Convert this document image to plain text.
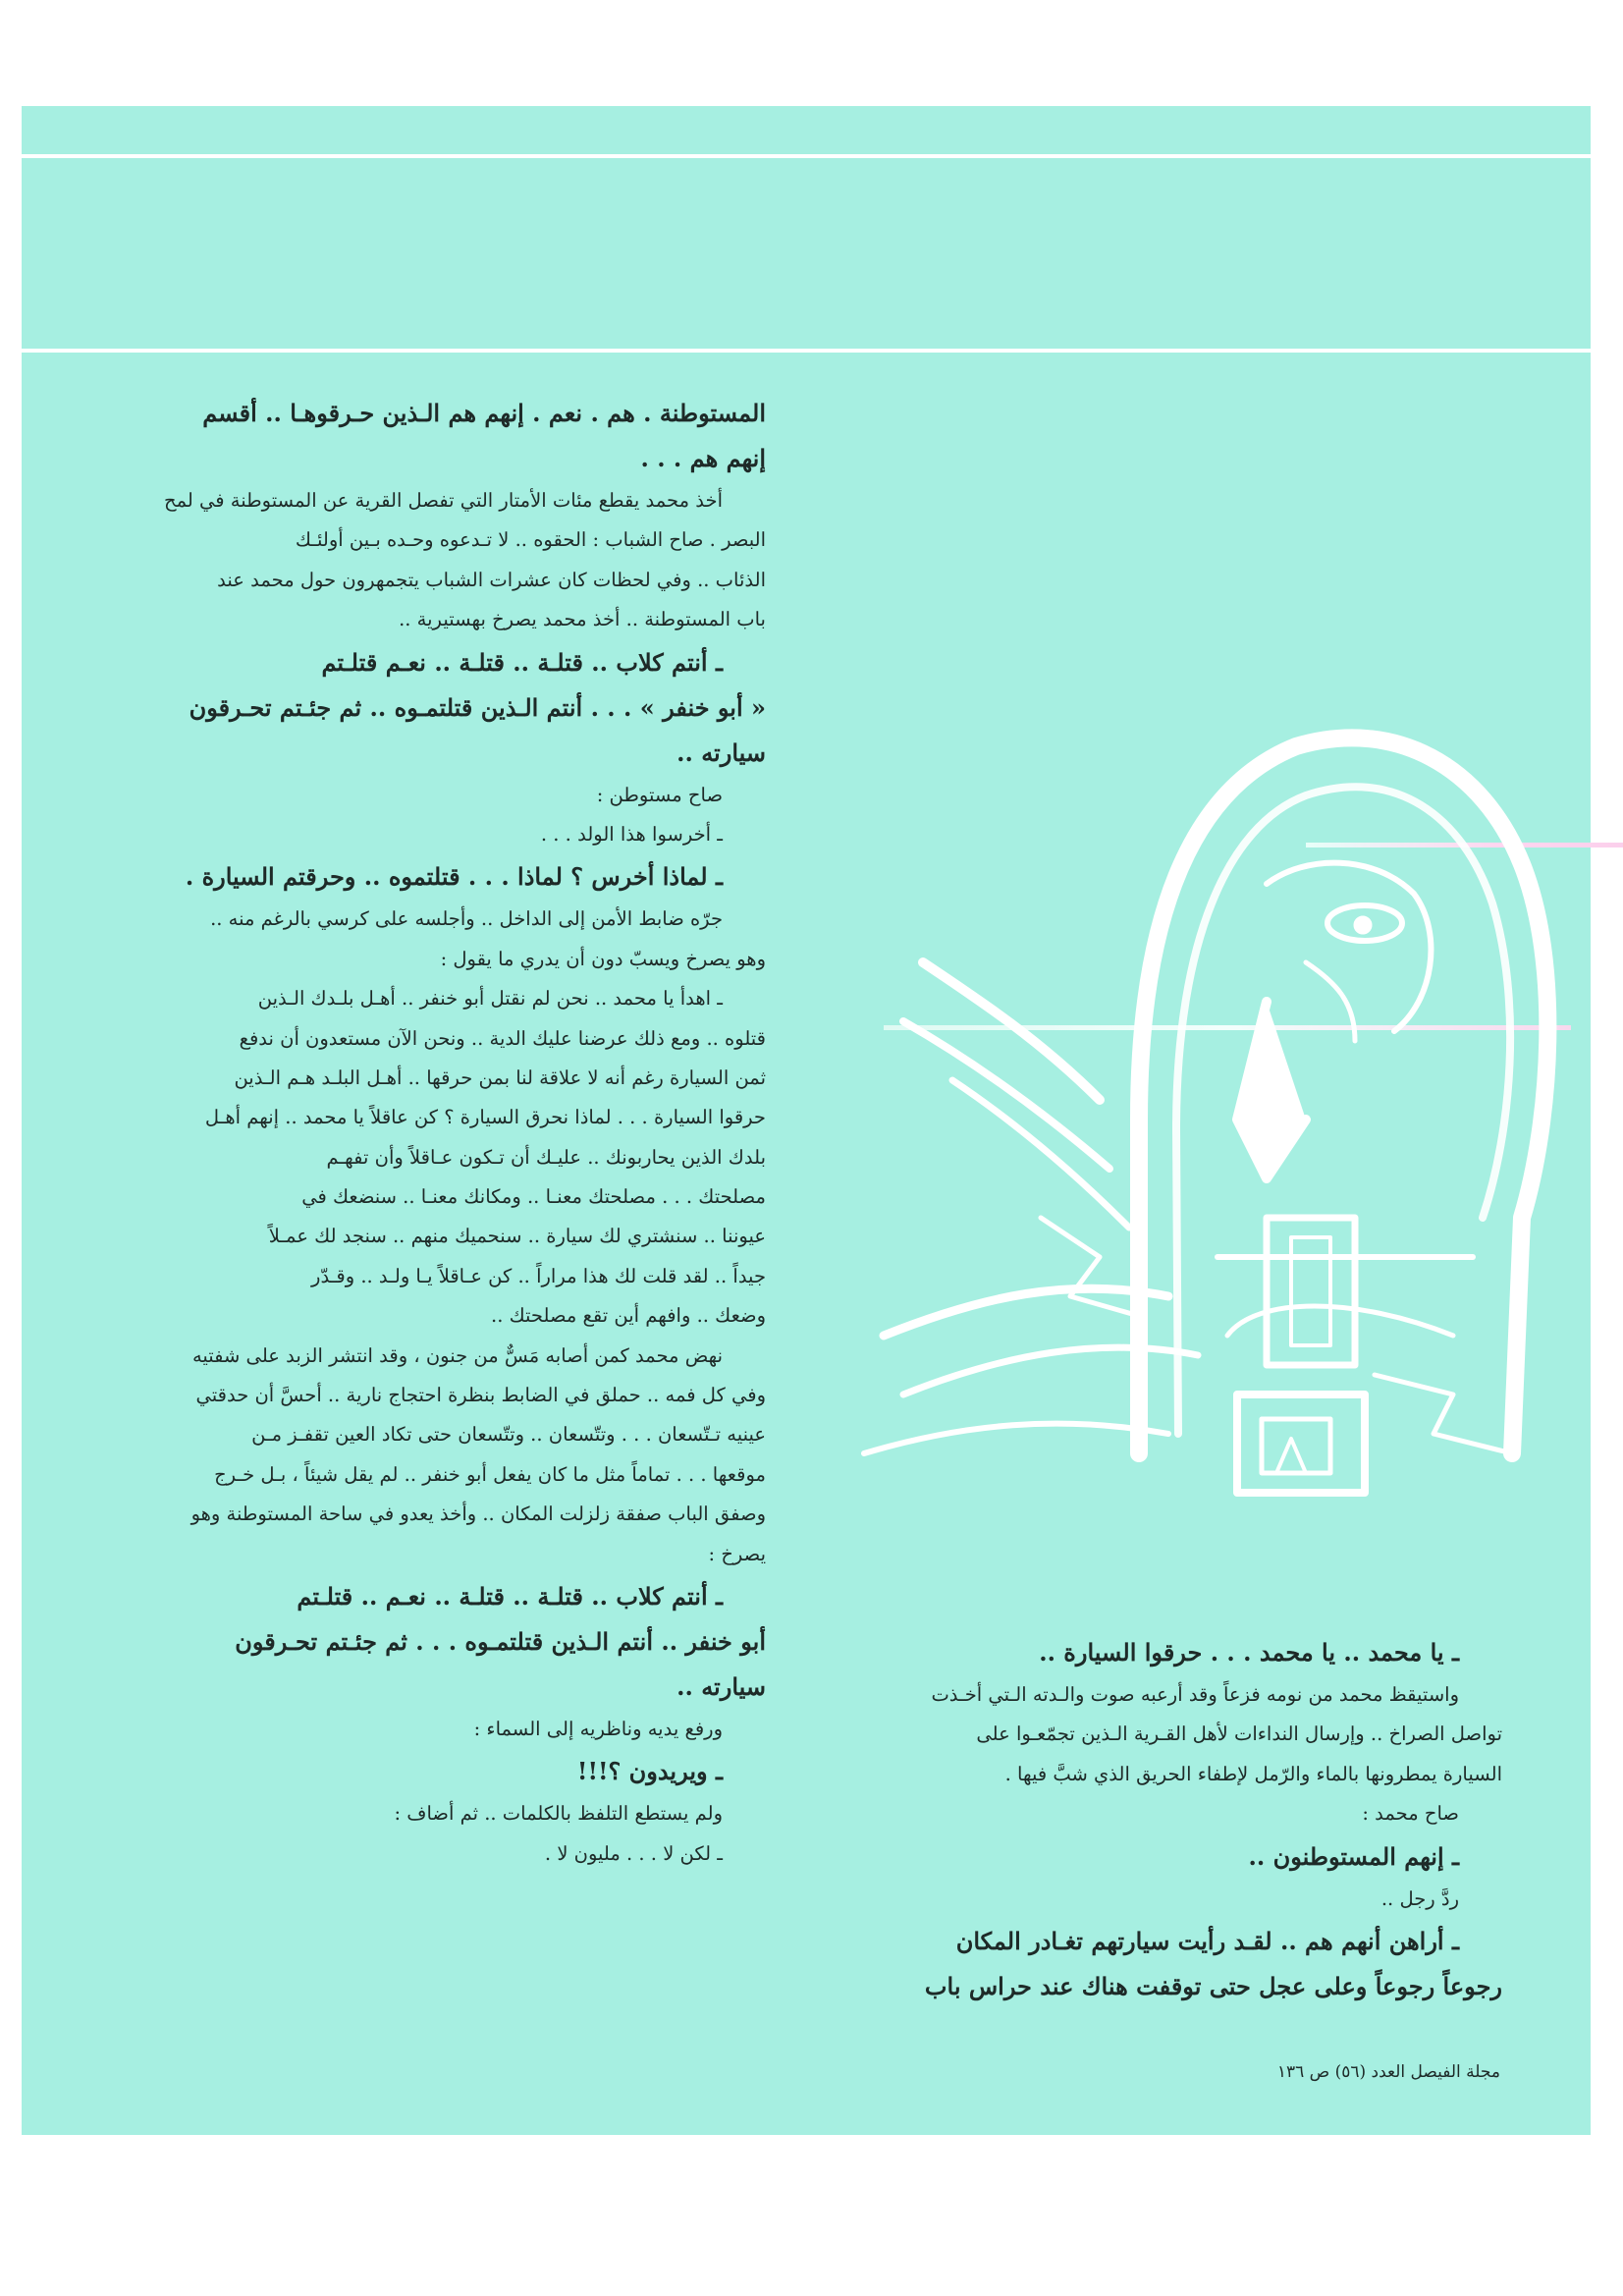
المستوطنة . هم . نعم . إنهم هم الـذين حـرقوهـا .. أقسم
إنهم هم . . .
أخذ محمد يقطع مئات الأمتار التي تفصل القرية عن المستوطنة في لمح
البصر . صاح الشباب : الحقوه .. لا تـدعوه وحـده بـين أولئـك
الذئاب .. وفي لحظات كان عشرات الشباب يتجمهرون حول محمد عند
باب المستوطنة .. أخذ محمد يصرخ بهستيرية ..
ـ أنتم كلاب .. قتلـة .. قتلـة .. نعـم قتلـتم
« أبو خنفر » . . . أنتم الـذين قتلتمـوه .. ثم جئـتم تحـرقون
سيارته ..
صاح مستوطن :
ـ أخرسوا هذا الولد . . .
ـ لماذا أخرس ؟ لماذا . . . قتلتموه .. وحرقتم السيارة .
جرّه ضابط الأمن إلى الداخل .. وأجلسه على كرسي بالرغم منه ..
وهو يصرخ ويسبّ دون أن يدري ما يقول :
ـ اهدأ يا محمد .. نحن لم نقتل أبو خنفر .. أهـل بلـدك الـذين
قتلوه .. ومع ذلك عرضنا عليك الدية .. ونحن الآن مستعدون أن ندفع
ثمن السيارة رغم أنه لا علاقة لنا بمن حرقها .. أهـل البلـد هـم الـذين
حرقوا السيارة . . . لماذا نحرق السيارة ؟ كن عاقلاً يا محمد .. إنهم أهـل
بلدك الذين يحاربونك .. عليـك أن تـكون عـاقلاً وأن تفهـم
مصلحتك . . . مصلحتك معنـا .. ومكانك معنـا .. سنضعك في
عيوننا .. سنشتري لك سيارة .. سنحميك منهم .. سنجد لك عمـلاً
جيداً .. لقد قلت لك هذا مراراً .. كن عـاقلاً يـا ولـد .. وقـدّر
وضعك .. وافهم أين تقع مصلحتك ..
نهض محمد كمن أصابه مَسٌّ من جنون ، وقد انتشر الزبد على شفتيه
وفي كل فمه .. حملق في الضابط بنظرة احتجاج نارية .. أحسَّ أن حدقتي
عينيه تـتّسعان . . . وتتّسعان .. وتتّسعان حتى تكاد العين تقفـز مـن
موقعها . . . تماماً مثل ما كان يفعل أبو خنفر .. لم يقل شيئاً ، بـل خـرج
وصفق الباب صفقة زلزلت المكان .. وأخذ يعدو في ساحة المستوطنة وهو
يصرخ :
ـ أنتم كلاب .. قتلـة .. قتلـة .. نعـم .. قتلـتم
أبو خنفر .. أنتم الـذين قتلتمـوه . . . ثم جئـتم تحـرقون
سيارته ..
ورفع يديه وناظريه إلى السماء :
ـ ويريدون ؟!!!
ولم يستطع التلفظ بالكلمات .. ثم أضاف :
ـ لكن لا . . . مليون لا .
ـ يا محمد .. يا محمد . . . حرقوا السيارة ..
واستيقظ محمد من نومه فزعاً وقد أرعبه صوت والـدته الـتي أخـذت
تواصل الصراخ .. وإرسال النداءات لأهل القـرية الـذين تجمّعـوا على
السيارة يمطرونها بالماء والرّمل لإطفاء الحريق الذي شبَّ فيها .
صاح محمد :
ـ إنهم المستوطنون ..
ردَّ رجل ..
ـ أراهن أنهم هم .. لقـد رأيت سيارتهم تغـادر المكان
رجوعاً رجوعاً وعلى عجل حتى توقفت هناك عند حراس باب
مجلة الفيصل العدد (٥٦) ص ١٣٦
